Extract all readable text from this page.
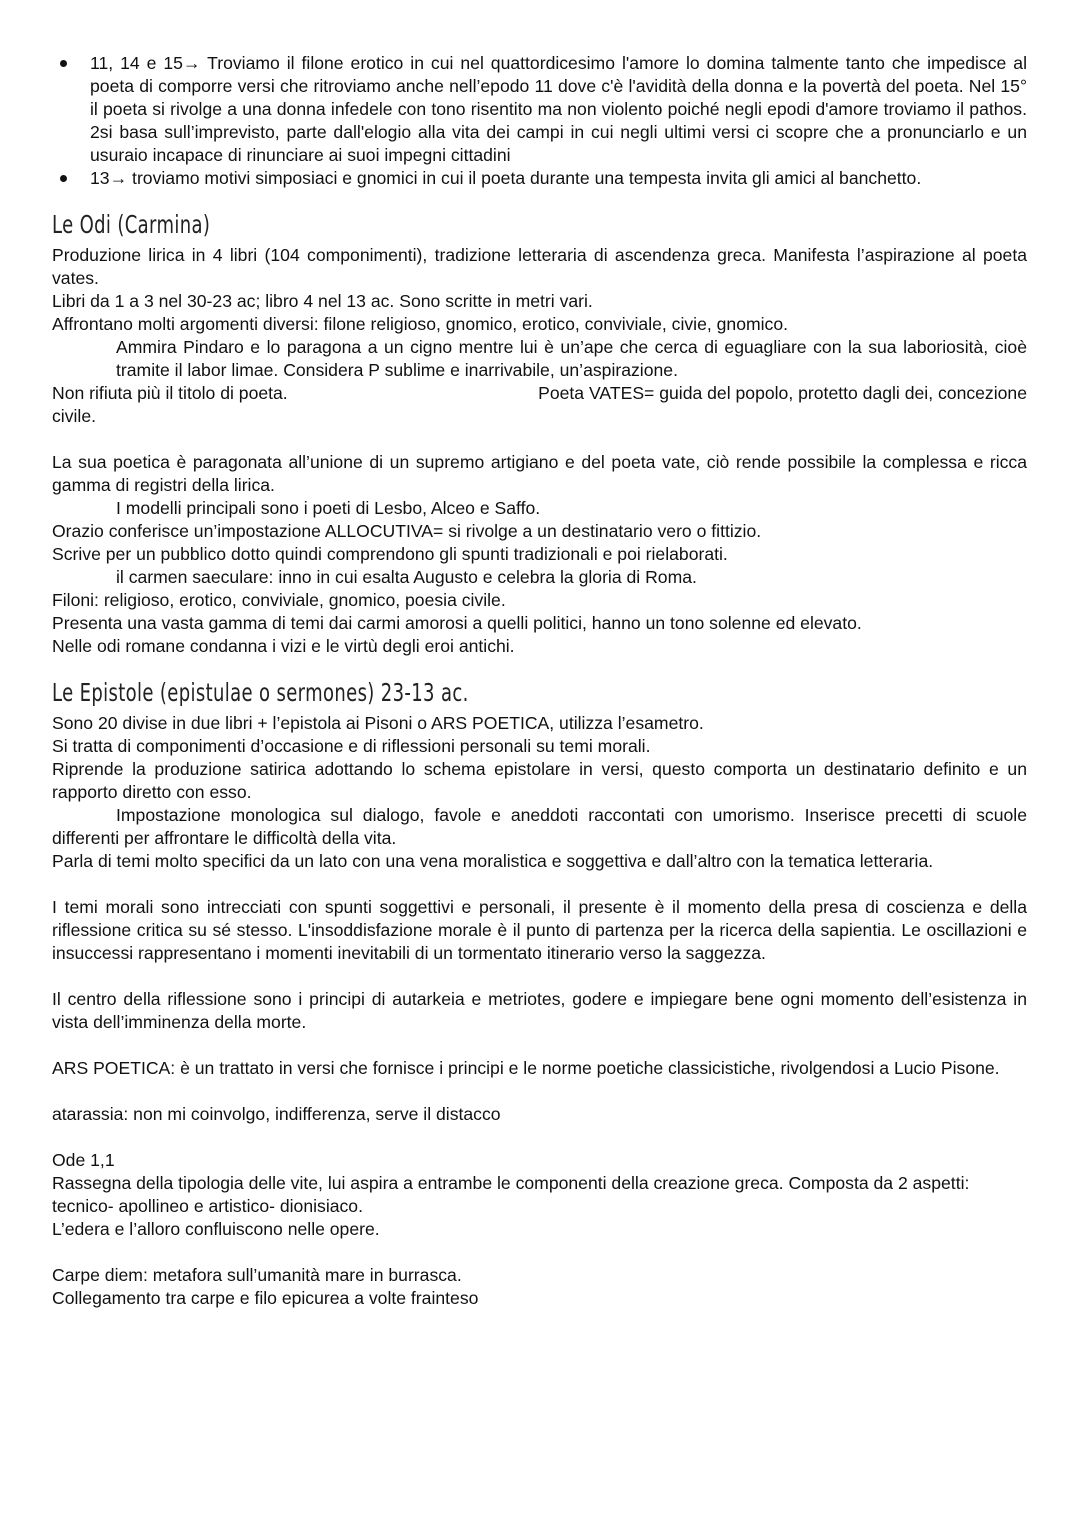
11, 14 e 15→ Troviamo il filone erotico in cui nel quattordicesimo l'amore lo domina talmente tanto che impedisce al poeta di comporre versi che ritroviamo anche nell’epodo 11 dove c'è l'avidità della donna e la povertà del poeta. Nel 15° il poeta si rivolge a una donna infedele con tono risentito ma non violento poiché negli epodi d'amore troviamo il pathos. 2si basa sull’imprevisto, parte dall'elogio alla vita dei campi in cui negli ultimi versi ci scopre che a pronunciarlo e un usuraio incapace di rinunciare ai suoi impegni cittadini
13→ troviamo motivi simposiaci e gnomici in cui il poeta durante una tempesta invita gli amici al banchetto.
Le Odi (Carmina)

Produzione lirica in 4 libri (104 componimenti), tradizione letteraria di ascendenza greca. Manifesta l’aspirazione al poeta vates.

Libri da 1 a 3 nel 30-23 ac; libro 4 nel 13 ac. Sono scritte in metri vari.

Affrontano molti argomenti diversi: filone religioso, gnomico, erotico, conviviale, civie, gnomico.

Ammira Pindaro e lo paragona a un cigno mentre lui è un’ape che cerca di eguagliare con la sua laboriosità, cioè tramite il labor limae. Considera P sublime e inarrivabile, un’aspirazione.

Non rifiuta più il titolo di poeta.	Poeta VATES= guida del popolo, protetto dagli dei, concezione

civile.

La sua poetica è paragonata all’unione di un supremo artigiano e del poeta vate, ciò rende possibile la complessa e ricca gamma di registri della lirica.

I modelli principali sono i poeti di Lesbo, Alceo e Saffo.

Orazio conferisce un’impostazione ALLOCUTIVA= si rivolge a un destinatario vero o fittizio.

Scrive per un pubblico dotto quindi comprendono gli spunti tradizionali e poi rielaborati.

il carmen saeculare: inno in cui esalta Augusto e celebra la gloria di Roma.

Filoni: religioso, erotico, conviviale, gnomico, poesia civile.

Presenta una vasta gamma di temi dai carmi amorosi a quelli politici, hanno un tono solenne ed elevato.

Nelle odi romane condanna i vizi e le virtù degli eroi antichi.

Le Epistole (epistulae o sermones) 23-13 ac.

Sono 20 divise in due libri + l’epistola ai Pisoni o ARS POETICA, utilizza l’esametro.

Si tratta di componimenti d’occasione e di riflessioni personali su temi morali.

Riprende la produzione satirica adottando lo schema epistolare in versi, questo comporta un destinatario definito e un rapporto diretto con esso.

Impostazione monologica sul dialogo, favole e aneddoti raccontati con umorismo. Inserisce precetti di scuole differenti per affrontare le difficoltà della vita.

Parla di temi molto specifici da un lato con una vena moralistica e soggettiva e dall’altro con la tematica letteraria.

I temi morali sono intrecciati con spunti soggettivi e personali, il presente è il momento della presa di coscienza e della riflessione critica su sé stesso. L'insoddisfazione morale è il punto di partenza per la ricerca della sapientia. Le oscillazioni e insuccessi rappresentano i momenti inevitabili di un tormentato itinerario verso la saggezza.

Il centro della riflessione sono i principi di autarkeia e metriotes, godere e impiegare bene ogni momento dell’esistenza in vista dell’imminenza della morte.

ARS POETICA: è un trattato in versi che fornisce i principi e le norme poetiche classicistiche, rivolgendosi a Lucio Pisone.

atarassia: non mi coinvolgo, indifferenza, serve il distacco

Ode 1,1

Rassegna della tipologia delle vite, lui aspira a entrambe le componenti della creazione greca. Composta da 2 aspetti: tecnico- apollineo e artistico- dionisiaco.

L’edera e l’alloro confluiscono nelle opere.

Carpe diem: metafora sull’umanità mare in burrasca.

Collegamento tra carpe e filo epicurea a volte frainteso
